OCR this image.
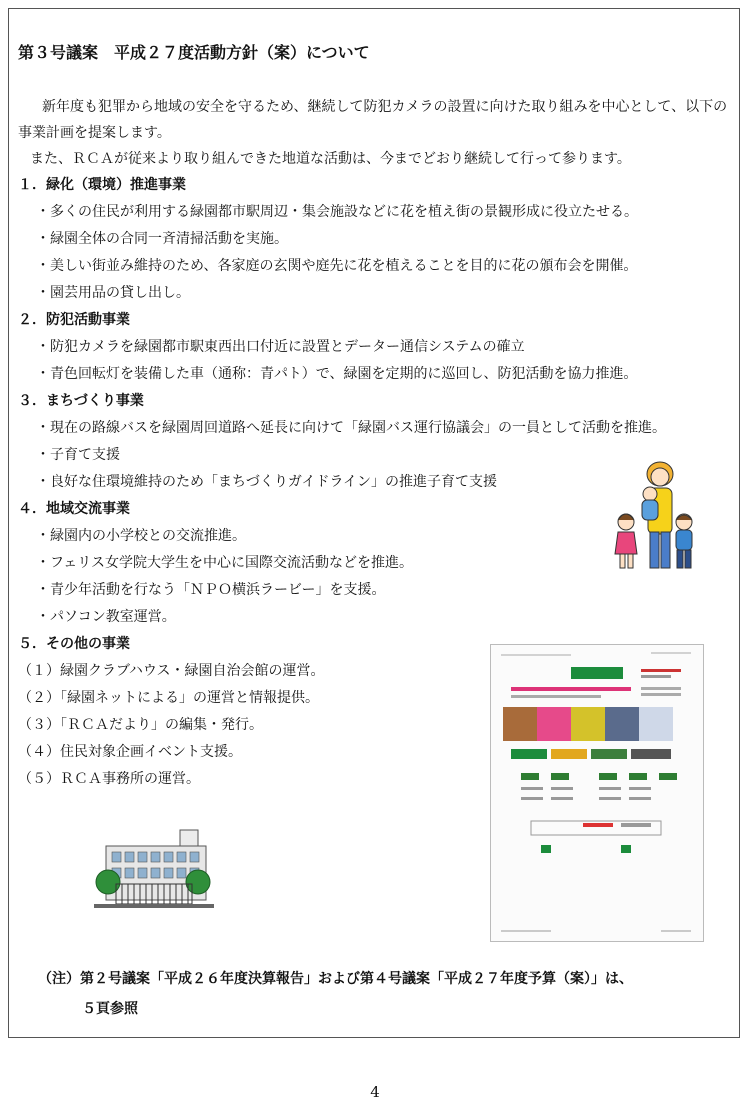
第３号議案　平成２７度活動方針（案）について

新年度も犯罪から地域の安全を守るため、継続して防犯カメラの設置に向けた取り組みを中心として、以下の事業計画を提案します。

また、ＲＣＡが従来より取り組んできた地道な活動は、今までどおり継続して行って参ります。

１．緑化（環境）推進事業
・多くの住民が利用する緑園都市駅周辺・集会施設などに花を植え街の景観形成に役立たせる。
・緑園全体の合同一斉清掃活動を実施。
・美しい街並み維持のため、各家庭の玄関や庭先に花を植えることを目的に花の頒布会を開催。
・園芸用品の貸し出し。
２．防犯活動事業
・防犯カメラを緑園都市駅東西出口付近に設置とデーター通信システムの確立
・青色回転灯を装備した車（通称：青パト）で、緑園を定期的に巡回し、防犯活動を協力推進。
３．まちづくり事業
・現在の路線バスを緑園周回道路へ延長に向けて「緑園バス運行協議会」の一員として活動を推進。
・子育て支援
・良好な住環境維持のため「まちづくりガイドライン」の推進子育て支援
４．地域交流事業
・緑園内の小学校との交流推進。
・フェリス女学院大学生を中心に国際交流活動などを推進。
・青少年活動を行なう「ＮＰＯ横浜ラービー」を支援。
・パソコン教室運営。
５．その他の事業
（１）緑園クラブハウス・緑園自治会館の運営。
（２）「緑園ネットによる」の運営と情報提供。
（３）「ＲＣＡだより」の編集・発行。
（４）住民対象企画イベント支援。
（５）ＲＣＡ事務所の運営。
（注）第２号議案「平成２６年度決算報告」および第４号議案「平成２７年度予算（案）」は、
５頁参照
4
